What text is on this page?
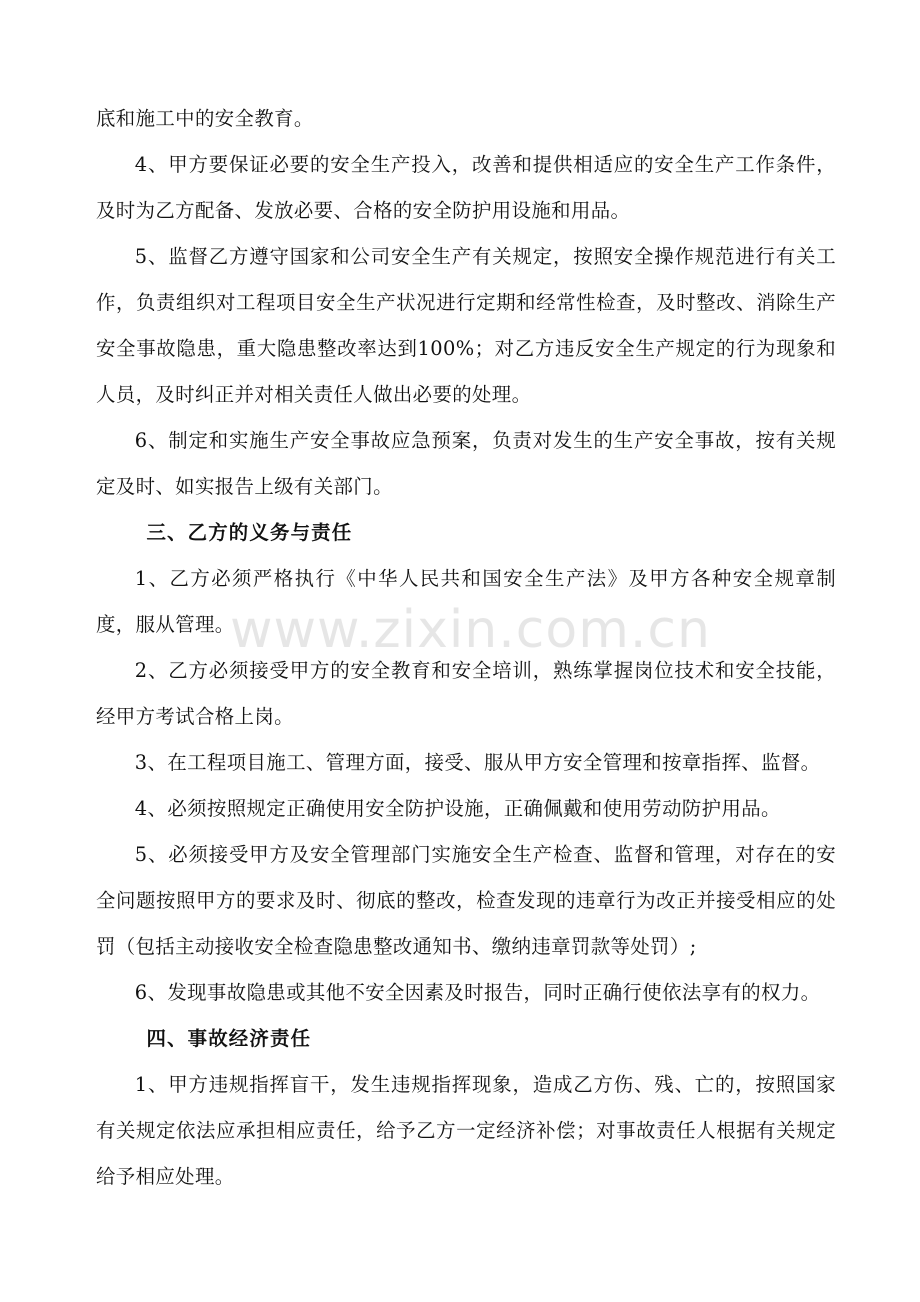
www.zixin.com.cn

底和施工中的安全教育。

4、甲方要保证必要的安全生产投入，改善和提供相适应的安全生产工作条件，及时为乙方配备、发放必要、合格的安全防护用设施和用品。

5、监督乙方遵守国家和公司安全生产有关规定，按照安全操作规范进行有关工作，负责组织对工程项目安全生产状况进行定期和经常性检查，及时整改、消除生产安全事故隐患，重大隐患整改率达到100%；对乙方违反安全生产规定的行为现象和人员，及时纠正并对相关责任人做出必要的处理。

6、制定和实施生产安全事故应急预案，负责对发生的生产安全事故，按有关规定及时、如实报告上级有关部门。

三、乙方的义务与责任

1、乙方必须严格执行《中华人民共和国安全生产法》及甲方各种安全规章制度，服从管理。

2、乙方必须接受甲方的安全教育和安全培训，熟练掌握岗位技术和安全技能，经甲方考试合格上岗。

3、在工程项目施工、管理方面，接受、服从甲方安全管理和按章指挥、监督。

4、必须按照规定正确使用安全防护设施，正确佩戴和使用劳动防护用品。

5、必须接受甲方及安全管理部门实施安全生产检查、监督和管理，对存在的安全问题按照甲方的要求及时、彻底的整改，检查发现的违章行为改正并接受相应的处罚（包括主动接收安全检查隐患整改通知书、缴纳违章罚款等处罚）;

6、发现事故隐患或其他不安全因素及时报告，同时正确行使依法享有的权力。

四、事故经济责任

1、甲方违规指挥盲干，发生违规指挥现象，造成乙方伤、残、亡的，按照国家有关规定依法应承担相应责任，给予乙方一定经济补偿；对事故责任人根据有关规定给予相应处理。
